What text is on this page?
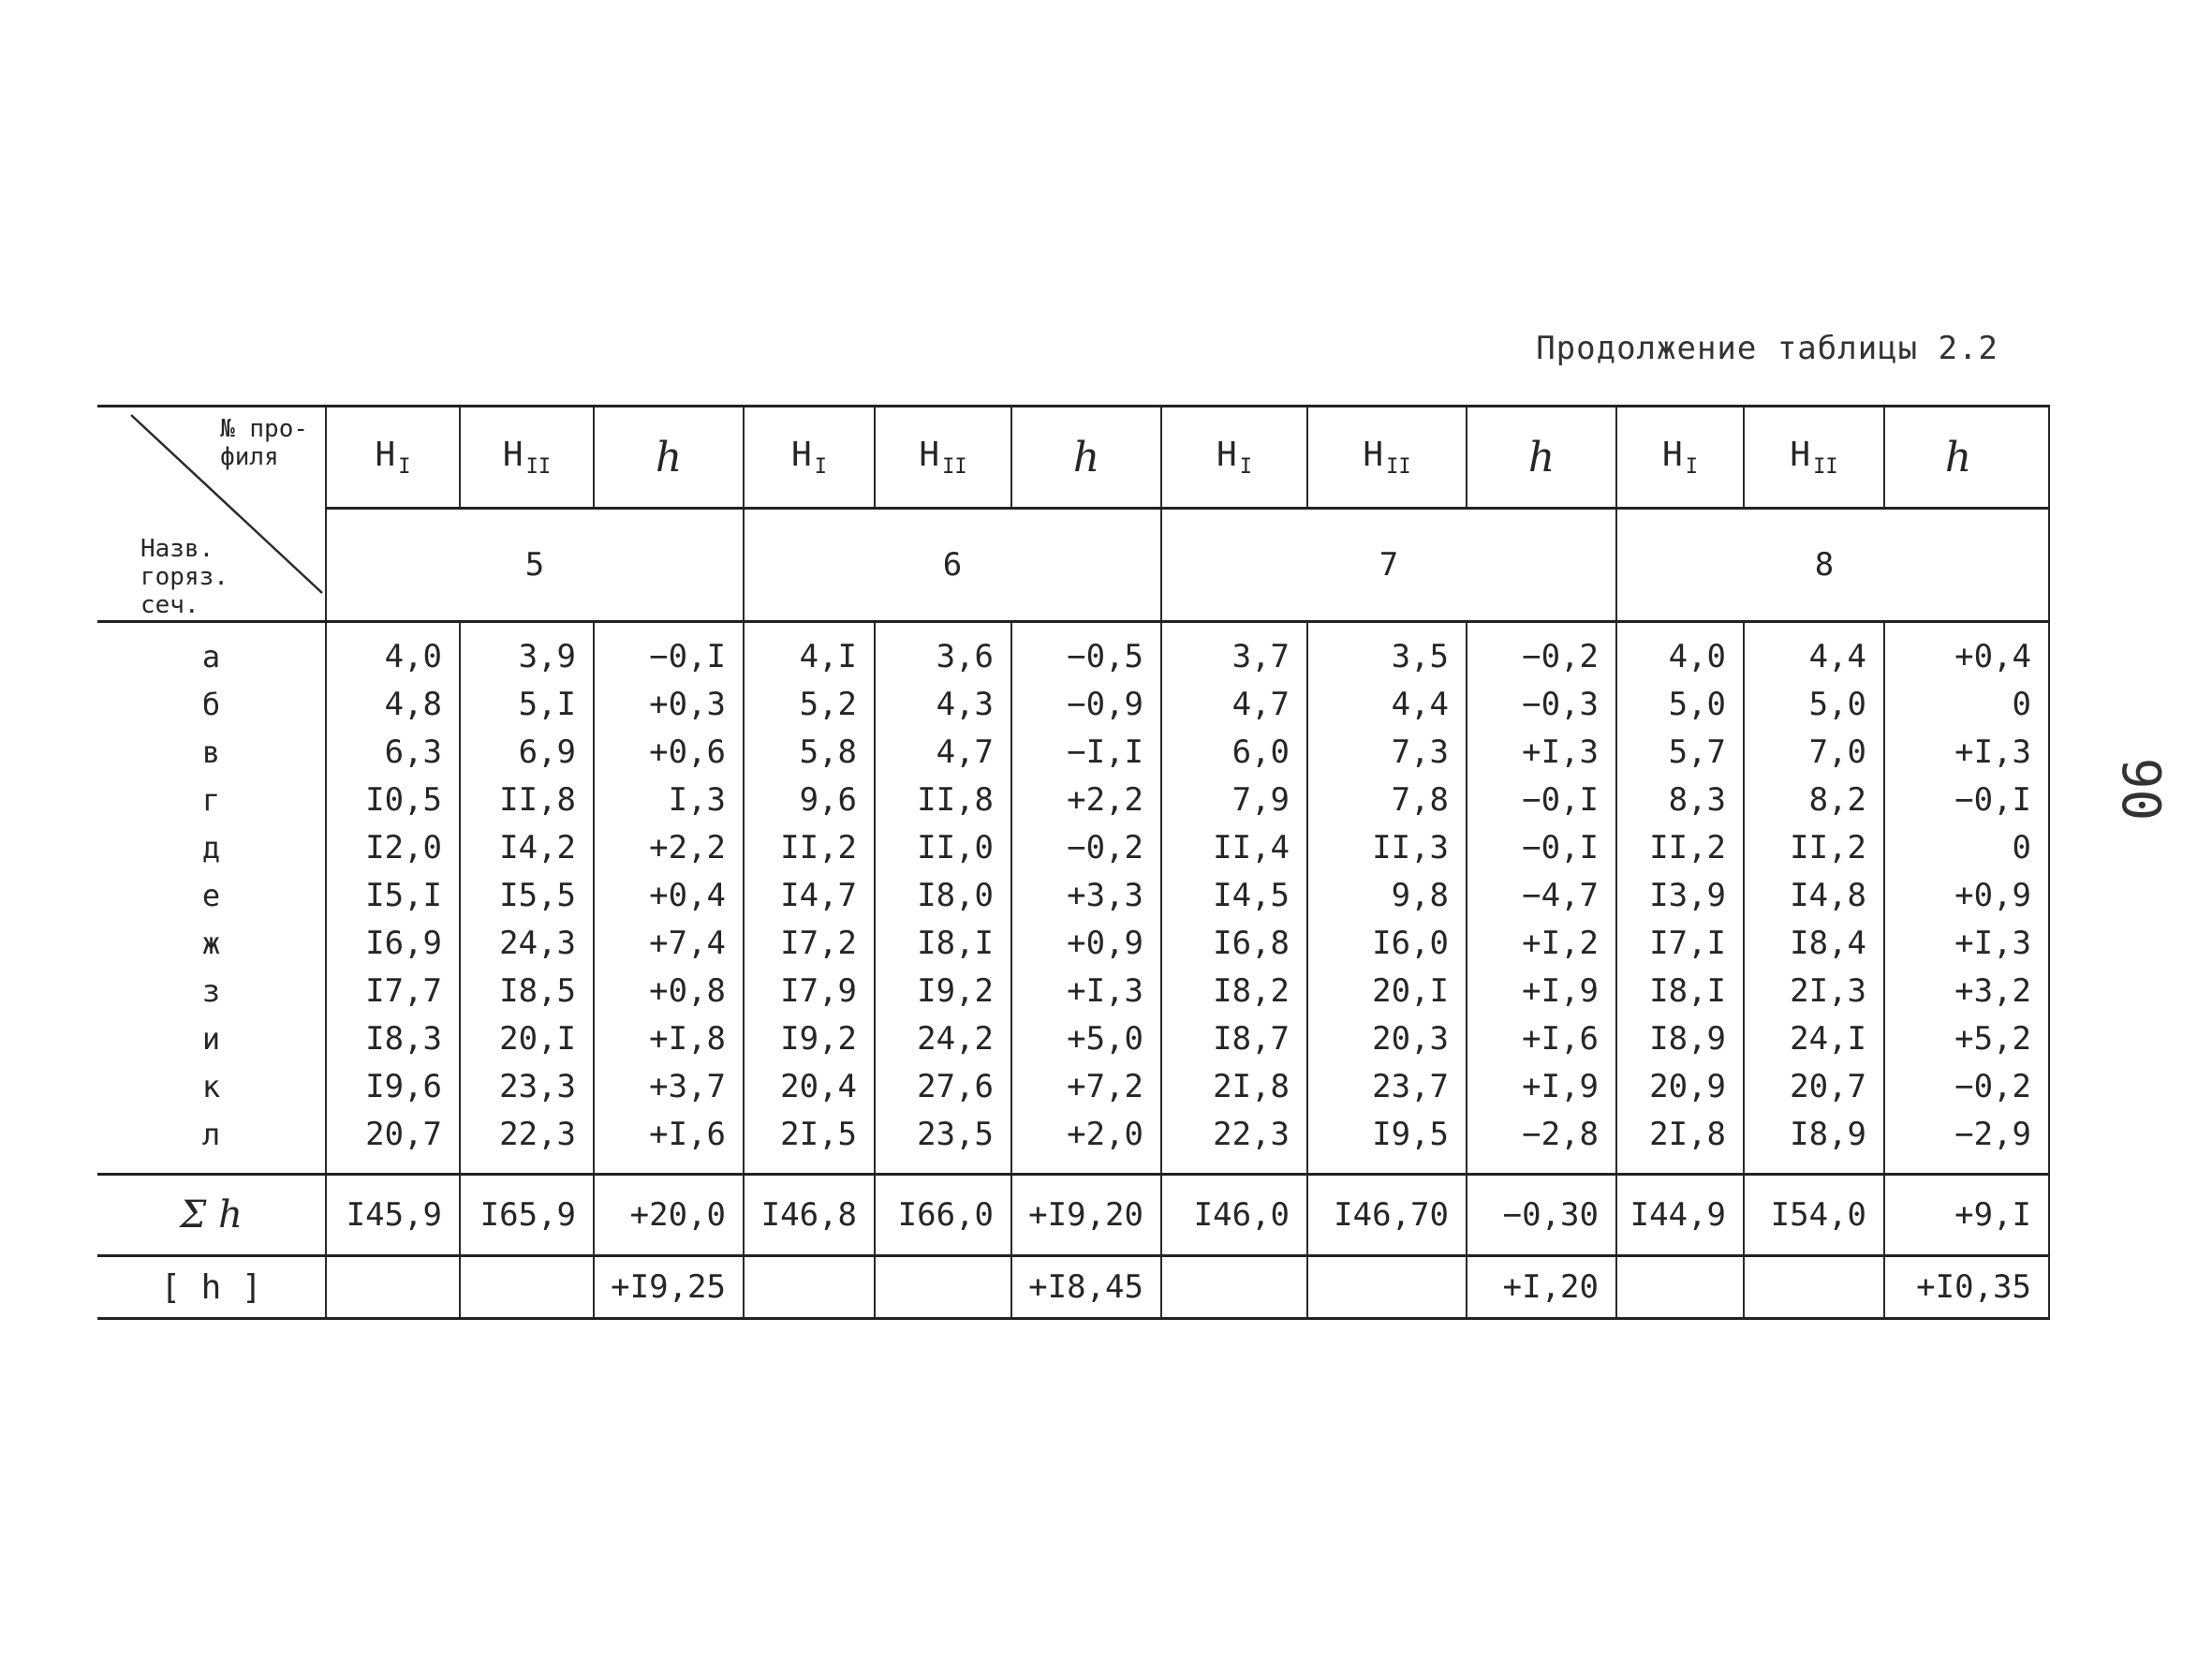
Продолжение таблицы 2.2
90
№ про-
филя
Назв.
горяз.
сеч.	H $_I$	H $_{II}$	h	H $_I$	H $_{II}$	h	H $_I$	H $_{II}$	h	H $_I$	H $_{II}$	h
	5			6			7			8		
а	4,0	3,9	−0,I	4,I	3,6	−0,5	3,7	3,5	−0,2	4,0	4,4	+0,4
б	4,8	5,I	+0,3	5,2	4,3	−0,9	4,7	4,4	−0,3	5,0	5,0	0
в	6,3	6,9	+0,6	5,8	4,7	−I,I	6,0	7,3	+I,3	5,7	7,0	+I,3
г	I0,5	II,8	I,3	9,6	II,8	+2,2	7,9	7,8	−0,I	8,3	8,2	−0,I
д	I2,0	I4,2	+2,2	II,2	II,0	−0,2	II,4	II,3	−0,I	II,2	II,2	0
е	I5,I	I5,5	+0,4	I4,7	I8,0	+3,3	I4,5	9,8	−4,7	I3,9	I4,8	+0,9
ж	I6,9	24,3	+7,4	I7,2	I8,I	+0,9	I6,8	I6,0	+I,2	I7,I	I8,4	+I,3
з	I7,7	I8,5	+0,8	I7,9	I9,2	+I,3	I8,2	20,I	+I,9	I8,I	2I,3	+3,2
и	I8,3	20,I	+I,8	I9,2	24,2	+5,0	I8,7	20,3	+I,6	I8,9	24,I	+5,2
к	I9,6	23,3	+3,7	20,4	27,6	+7,2	2I,8	23,7	+I,9	20,9	20,7	−0,2
л	20,7	22,3	+I,6	2I,5	23,5	+2,0	22,3	I9,5	−2,8	2I,8	I8,9	−2,9
Σ h	I45,9	I65,9	+20,0	I46,8	I66,0	+I9,20	I46,0	I46,70	−0,30	I44,9	I54,0	+9,I
[ h ]			+I9,25			+I8,45			+I,20			+I0,35
